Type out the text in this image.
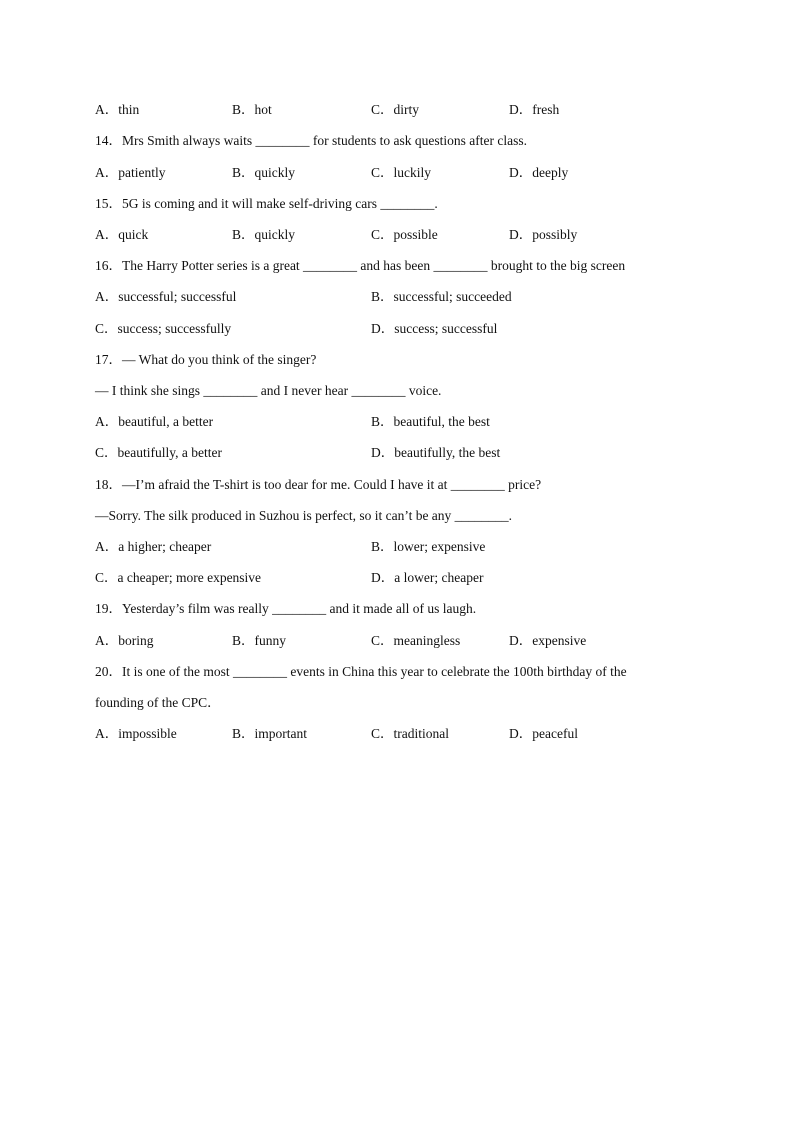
A．thin	B．hot	C．dirty	D．fresh
14．Mrs Smith always waits ________ for students to ask questions after class.
A．patiently	B．quickly	C．luckily	D．deeply
15．5G is coming and it will make self-driving cars ________.
A．quick	B．quickly	C．possible	D．possibly
16．The Harry Potter series is a great ________ and has been ________ brought to the big screen
A．successful; successful	B．successful; succeeded
C．success; successfully	D．success; successful
17．— What do you think of the singer?
— I think she sings ________ and I never hear ________ voice.
A．beautiful, a better	B．beautiful, the best
C．beautifully, a better	D．beautifully, the best
18．—I’m afraid the T-shirt is too dear for me. Could I have it at ________ price?
—Sorry. The silk produced in Suzhou is perfect, so it can’t be any ________.
A．a higher; cheaper	B．lower; expensive
C．a cheaper; more expensive	D．a lower; cheaper
19．Yesterday’s film was really ________ and it made all of us laugh.
A．boring	B．funny	C．meaningless	D．expensive
20．It is one of the most ________ events in China this year to celebrate the 100th birthday of the
founding of the CPC．
A．impossible	B．important	C．traditional	D．peaceful
